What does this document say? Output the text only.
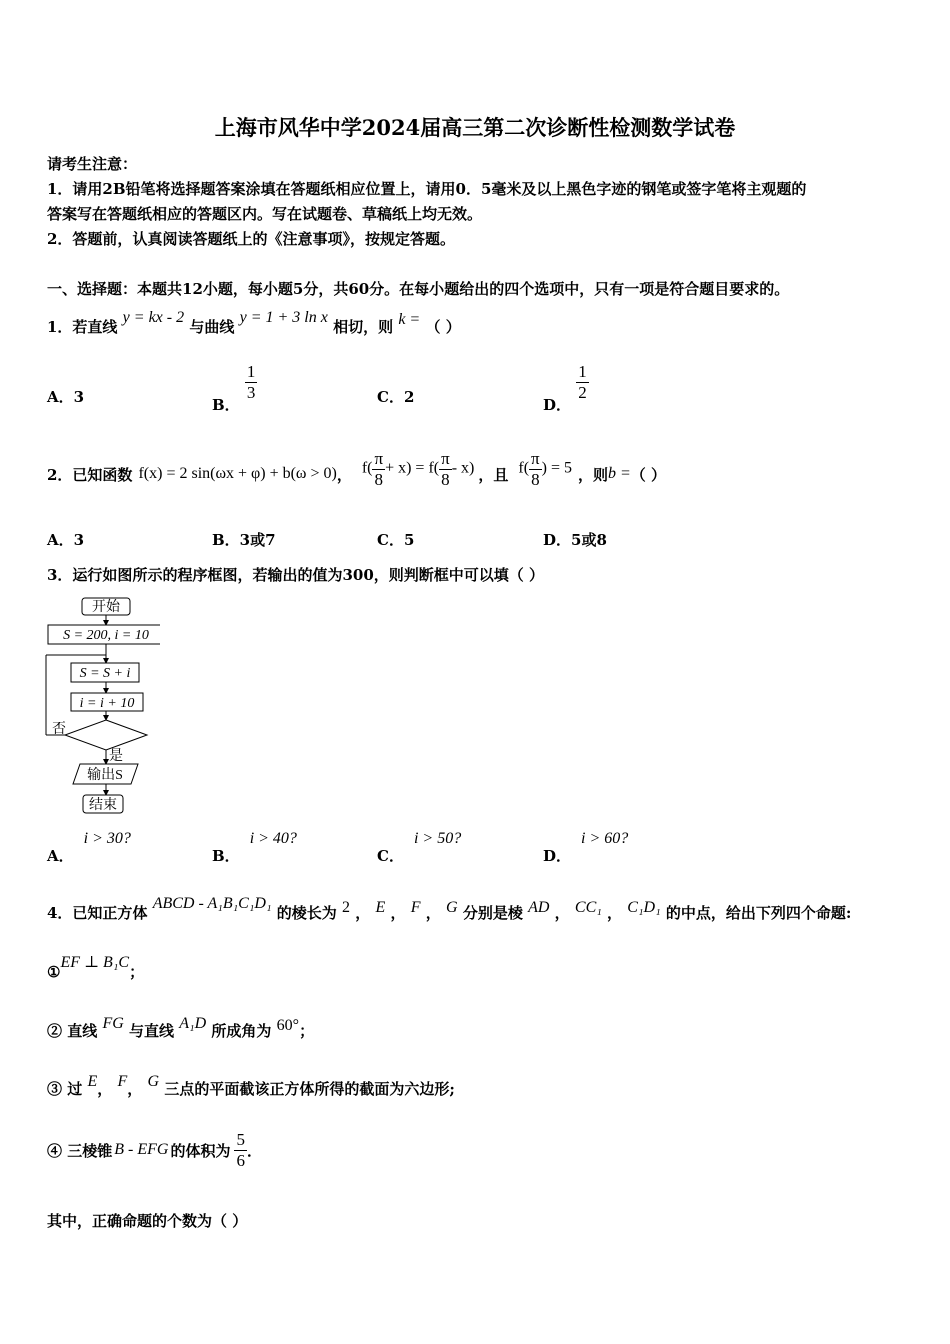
上海市风华中学2024届高三第二次诊断性检测数学试卷
请考生注意：
1．请用2B铅笔将选择题答案涂填在答题纸相应位置上，请用0．5毫米及以上黑色字迹的钢笔或签字笔将主观题的
答案写在答题纸相应的答题区内。写在试题卷、草稿纸上均无效。
2．答题前，认真阅读答题纸上的《注意事项》，按规定答题。
一、选择题：本题共12小题，每小题5分，共60分。在每小题给出的四个选项中，只有一项是符合题目要求的。
1．若直线 y = kx - 2 与曲线 y = 1 + 3 ln x 相切，则 k = （ ）
A．3	B．
$\frac{1}{3}$	C．2	D．
$\frac{1}{2}$
2．已知函数 f(x) = 2 sin(ωx + φ) + b(ω > 0) ， $f( \frac{\pi}{8} + x) = f( \frac{\pi}{8} - x)$ ，且 $f( \frac{\pi}{8}$ ) = 5 ，则 b = （ ）
A．3	B．3或7	C．5	D．5或8
3．运行如图所示的程序框图，若输出的值为300，则判断框中可以填（ ）
开始
S = 200, i = 10
S = S + i
i = i + 10
否
是
输出S
结束
A．i > 30?
B．i > 40?
C．i > 50?
D．i > 60?
4．已知正方体 ABCD - A₁B₁C₁D₁ 的棱长为 2 ， E ， F ， G 分别是棱 AD ， CC₁ ， C₁D₁ 的中点，给出下列四个命题:
①EF ⊥ B₁C；
② 直线 FG 与直线 A₁D 所成角为 60°；
③ 过 E， F， G 三点的平面截该正方体所得的截面为六边形;
④ 三棱锥 B - EFG 的体积为 $\frac{5}{6}$ ．
其中，正确命题的个数为（ ）
